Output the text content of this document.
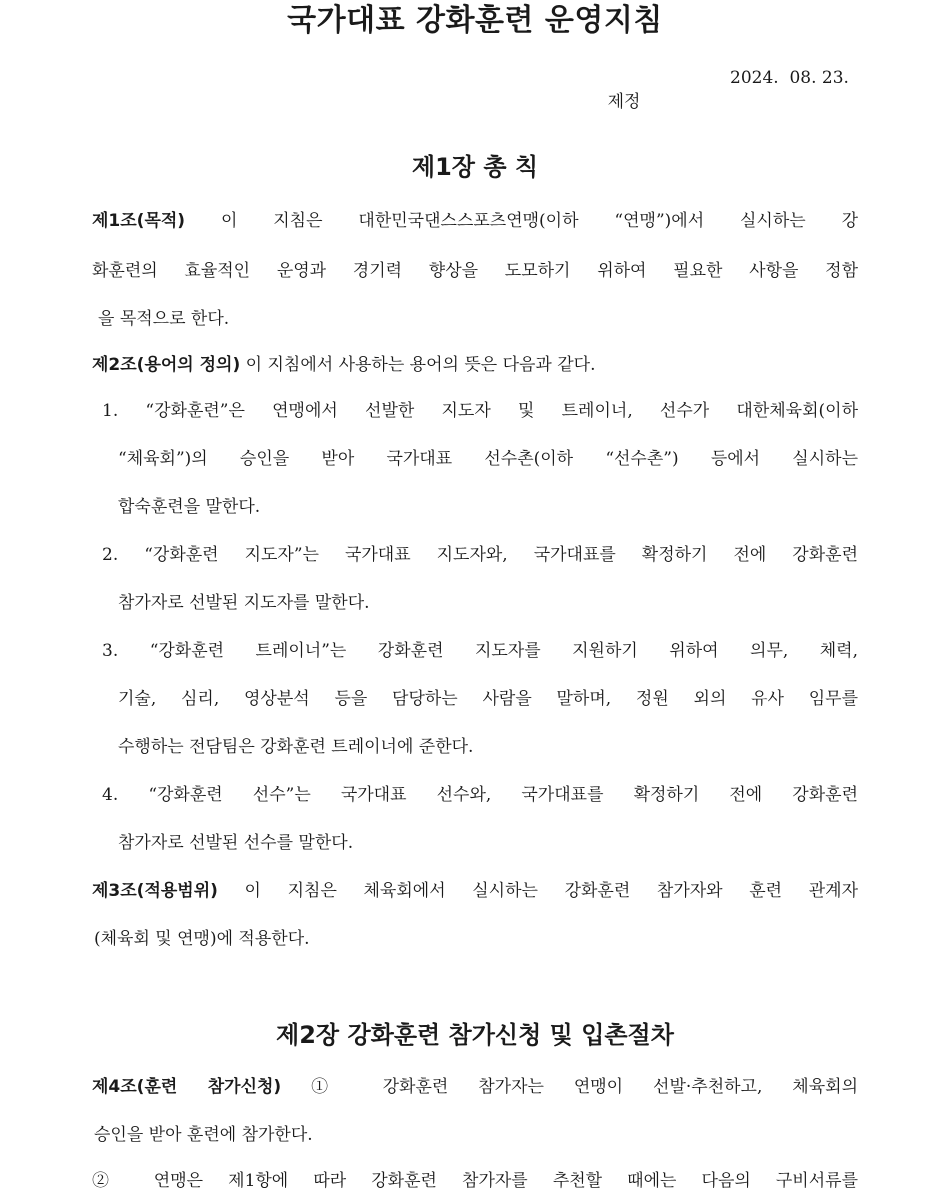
국가대표 강화훈련 운영지침

제정

2024.  08. 23.

제1장 총 칙
제1조(목적) 이 지침은 대한민국댄스스포츠연맹(이하 “연맹”)에서 실시하는 강
화훈련의 효율적인 운영과 경기력 향상을 도모하기 위하여 필요한 사항을 정함
을 목적으로 한다.
제2조(용어의 정의) 이 지침에서 사용하는 용어의 뜻은 다음과 같다.
1. “강화훈련”은 연맹에서 선발한 지도자 및 트레이너, 선수가 대한체육회(이하
“체육회”)의 승인을 받아 국가대표 선수촌(이하 “선수촌”) 등에서 실시하는
합숙훈련을 말한다.
2. “강화훈련 지도자”는 국가대표 지도자와, 국가대표를 확정하기 전에 강화훈련
참가자로 선발된 지도자를 말한다.
3. “강화훈련 트레이너”는 강화훈련 지도자를 지원하기 위하여 의무, 체력,
기술, 심리, 영상분석 등을 담당하는 사람을 말하며, 정원 외의 유사 임무를
수행하는 전담팀은 강화훈련 트레이너에 준한다.
4. “강화훈련 선수”는 국가대표 선수와, 국가대표를 확정하기 전에 강화훈련
참가자로 선발된 선수를 말한다.
제3조(적용범위) 이 지침은 체육회에서 실시하는 강화훈련 참가자와 훈련 관계자
(체육회 및 연맹)에 적용한다.
제2장 강화훈련 참가신청 및 입촌절차
제4조(훈련 참가신청) ① 강화훈련 참가자는 연맹이 선발·추천하고, 체육회의
승인을 받아 훈련에 참가한다.
② 연맹은 제1항에 따라 강화훈련 참가자를 추천할 때에는 다음의 구비서류를
